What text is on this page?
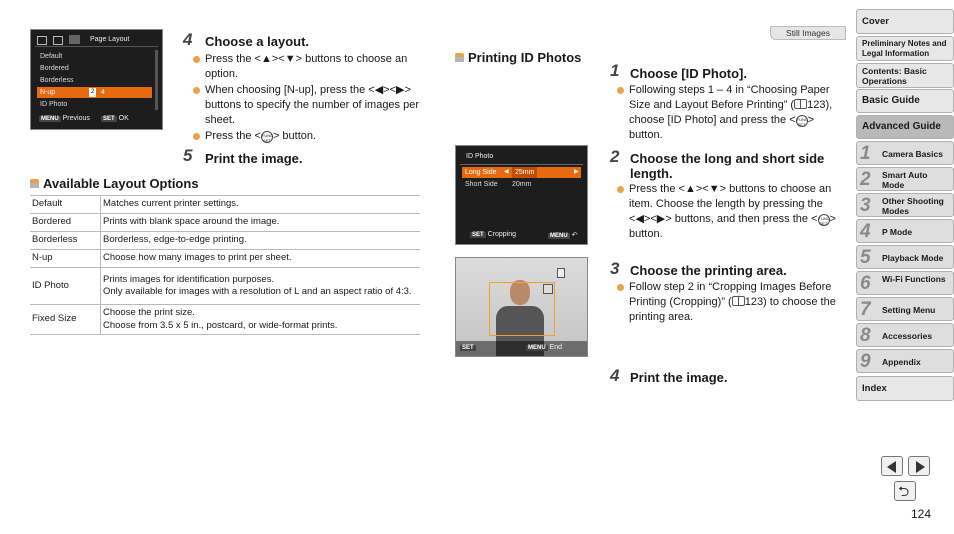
Still Images
Page Layout
Default
Bordered
Borderless
N-up	2 4
ID Photo
MENU Previous	SET OK
4 Choose a layout.
Press the <▲><▼> buttons to choose an option.
When choosing [N-up], press the <◀><▶> buttons to specify the number of images per sheet.
Press the <FUNC
SET > button.
5 Print the image.
Available Layout Options
Default	Matches current printer settings.
Bordered	Prints with blank space around the image.
Borderless	Borderless, edge-to-edge printing.
N-up	Choose how many images to print per sheet.
ID Photo	Prints images for identification purposes.
Only available for images with a resolution of L and an aspect ratio of 4:3.
Fixed Size	Choose the print size.
Choose from 3.5 x 5 in., postcard, or wide-format prints.
Printing ID Photos
ID Photo
Long Side ◀ 25mm	▶
Short Side 20mm
SET Cropping	MENU ↶
SET	MENU End
1 Choose [ID Photo].
Following steps 1 – 4 in “Choosing Paper Size and Layout Before Printing” ( 123), choose [ID Photo] and press the <FUNC
SET > button.
2 Choose the long and short side length.
Press the <▲><▼> buttons to choose an item. Choose the length by pressing the <◀><▶> buttons, and then press the <FUNC
SET > button.
3 Choose the printing area.
Follow step 2 in “Cropping Images Before Printing (Cropping)” ( 123) to choose the printing area.
4 Print the image.
Cover
Preliminary Notes and Legal Information
Contents: Basic Operations
Basic Guide
Advanced Guide
1 Camera Basics
2 Smart Auto Mode
3 Other Shooting Modes
4 P Mode
5 Playback Mode
6 Wi-Fi Functions
7 Setting Menu
8 Accessories
9 Appendix
Index
⮌
124
